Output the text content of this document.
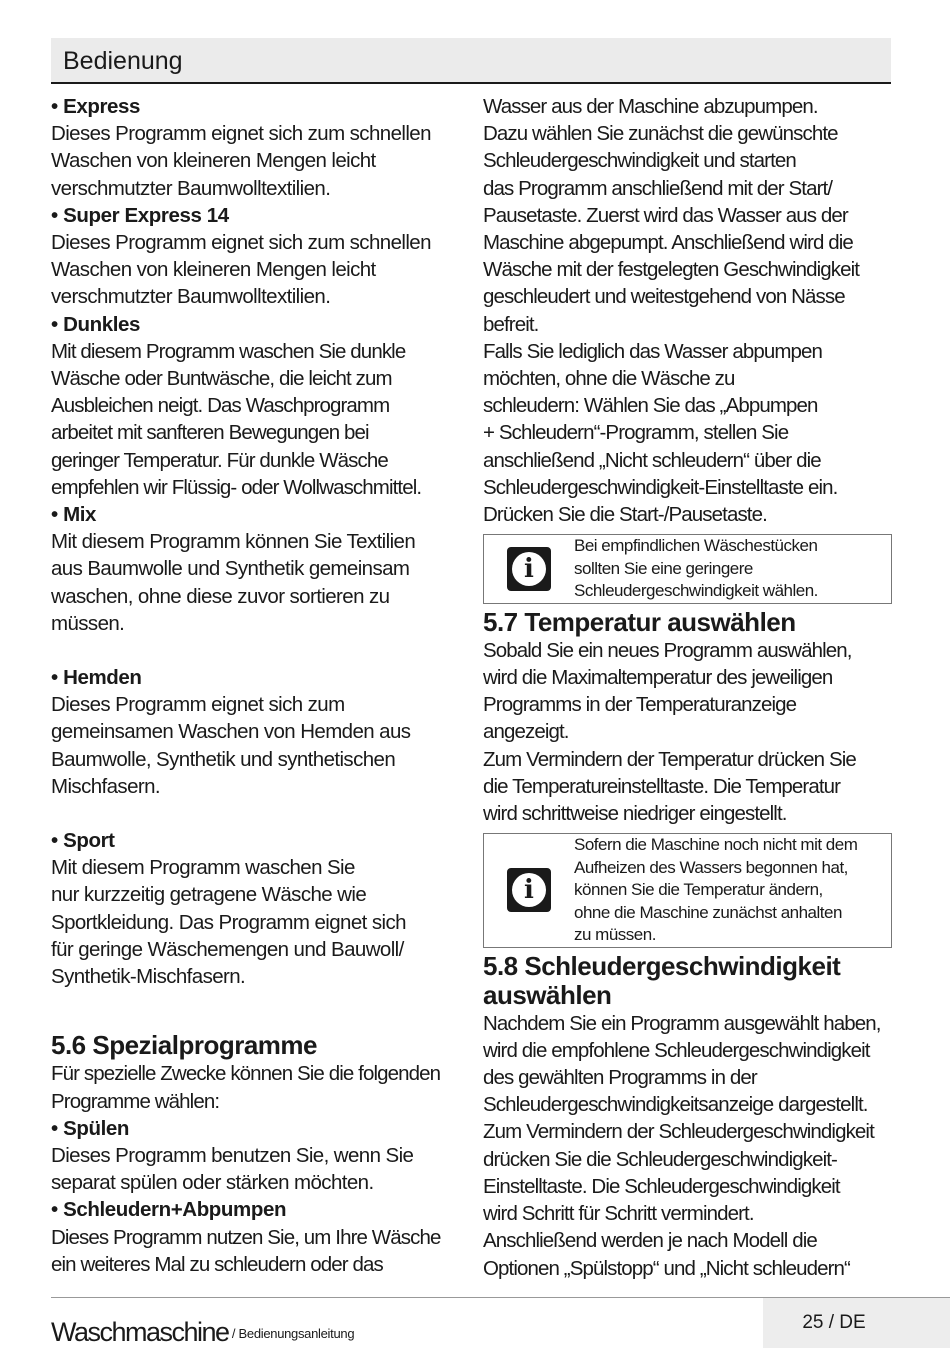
Bedienung

• Express

Dieses Programm eignet sich zum schnellen
Waschen von kleineren Mengen leicht
verschmutzter Baumwolltextilien.

• Super Express 14

Dieses Programm eignet sich zum schnellen
Waschen von kleineren Mengen leicht
verschmutzter Baumwolltextilien.

• Dunkles

Mit diesem Programm waschen Sie dunkle
Wäsche oder Buntwäsche, die leicht zum
Ausbleichen neigt. Das Waschprogramm
arbeitet mit sanfteren Bewegungen bei
geringer Temperatur. Für dunkle Wäsche
empfehlen wir Flüssig- oder Wollwaschmittel.

• Mix

Mit diesem Programm können Sie Textilien
aus Baumwolle und Synthetik gemeinsam
waschen, ohne diese zuvor sortieren zu
müssen.

• Hemden

Dieses Programm eignet sich zum
gemeinsamen Waschen von Hemden aus
Baumwolle, Synthetik und synthetischen
Mischfasern.

• Sport

Mit diesem Programm waschen Sie
nur kurzzeitig getragene Wäsche wie
Sportkleidung. Das Programm eignet sich
für geringe Wäschemengen und Bauwoll/
Synthetik-Mischfasern.

5.6 Spezialprogramme

Für spezielle Zwecke können Sie die folgenden
Programme wählen:

• Spülen

Dieses Programm benutzen Sie, wenn Sie
separat spülen oder stärken möchten.

• Schleudern+Abpumpen

Dieses Programm nutzen Sie, um Ihre Wäsche
ein weiteres Mal zu schleudern oder das

Wasser aus der Maschine abzupumpen.
Dazu wählen Sie zunächst die gewünschte
Schleudergeschwindigkeit und starten
das Programm anschließend mit der Start/
Pausetaste. Zuerst wird das Wasser aus der
Maschine abgepumpt. Anschließend wird die
Wäsche mit der festgelegten Geschwindigkeit
geschleudert und weitestgehend von Nässe
befreit.
Falls Sie lediglich das Wasser abpumpen
möchten, ohne die Wäsche zu
schleudern: Wählen Sie das „Abpumpen
+ Schleudern“-Programm, stellen Sie
anschließend „Nicht schleudern“ über die
Schleudergeschwindigkeit-Einstelltaste ein.
Drücken Sie die Start-/Pausetaste.

i

Bei empfindlichen Wäschestücken
sollten Sie eine geringere
Schleudergeschwindigkeit wählen.

5.7 Temperatur auswählen

Sobald Sie ein neues Programm auswählen,
wird die Maximaltemperatur des jeweiligen
Programms in der Temperaturanzeige
angezeigt.
Zum Vermindern der Temperatur drücken Sie
die Temperatureinstelltaste. Die Temperatur
wird schrittweise niedriger eingestellt.

i

Sofern die Maschine noch nicht mit dem
Aufheizen des Wassers begonnen hat,
können Sie die Temperatur ändern,
ohne die Maschine zunächst anhalten
zu müssen.

5.8 Schleudergeschwindigkeit
auswählen

Nachdem Sie ein Programm ausgewählt haben,
wird die empfohlene Schleudergeschwindigkeit
des gewählten Programms in der
Schleudergeschwindigkeitsanzeige dargestellt.
Zum Vermindern der Schleudergeschwindigkeit
drücken Sie die Schleudergeschwindigkeit-
Einstelltaste. Die Schleudergeschwindigkeit
wird Schritt für Schritt vermindert.
Anschließend werden je nach Modell die
Optionen „Spülstopp“ und „Nicht schleudern“

25 / DE
Waschmaschine $^{/ Bedienungsanleitung}$
